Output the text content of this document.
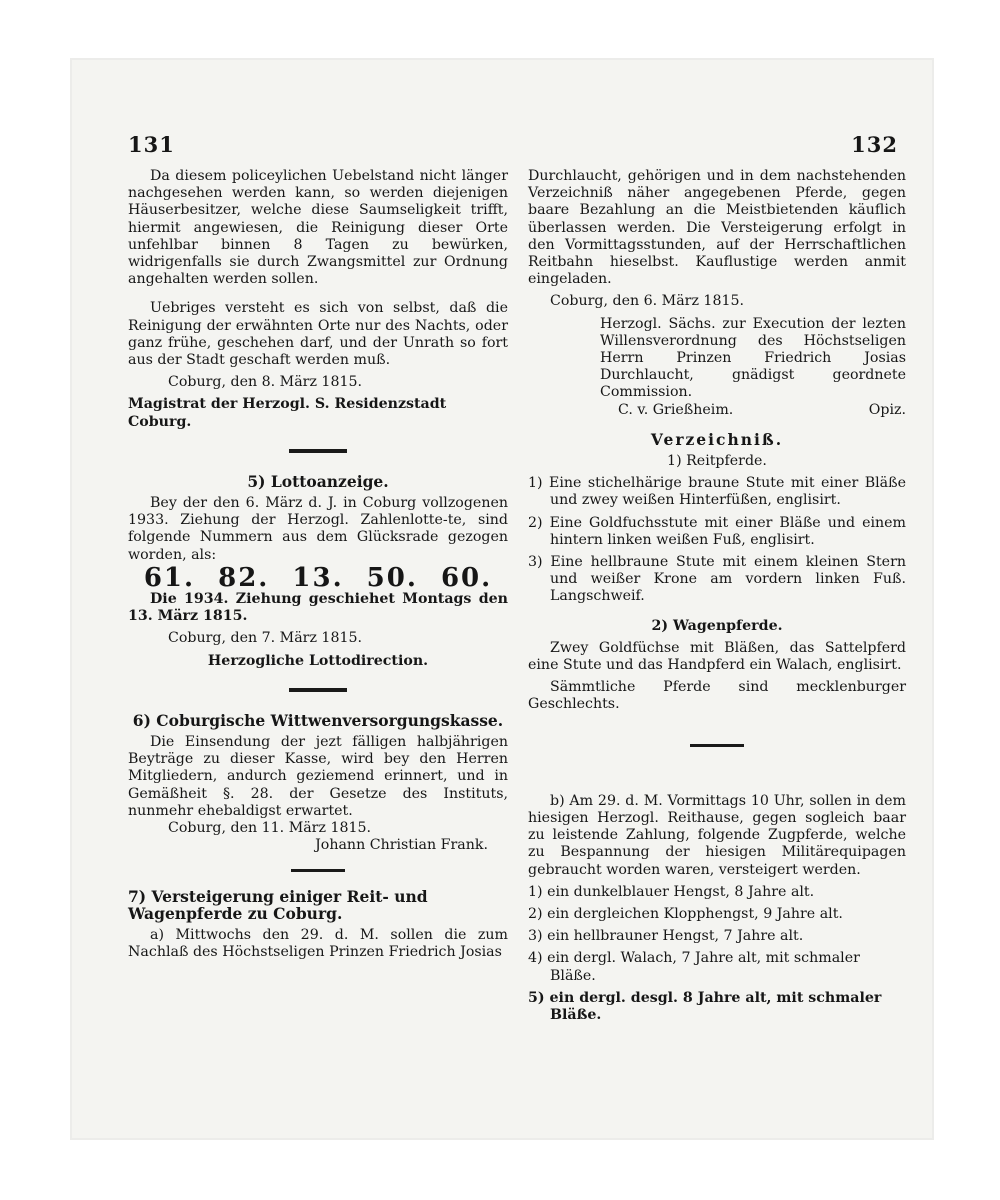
131	132
Da diesem policeylichen Uebelstand nicht länger nachgesehen werden kann, so werden diejenigen Häuserbesitzer, welche diese Saumseligkeit trifft, hiermit angewiesen, die Reinigung dieser Orte unfehlbar binnen 8 Tagen zu bewürken, widrigenfalls sie durch Zwangsmittel zur Ordnung angehalten werden sollen.
Uebriges versteht es sich von selbst, daß die Reinigung der erwähnten Orte nur des Nachts, oder ganz frühe, geschehen darf, und der Unrath so fort aus der Stadt geschaft werden muß.
Coburg, den 8. März 1815.
Magistrat der Herzogl. S. Residenzstadt Coburg.
5) Lottoanzeige.
Bey der den 6. März d. J. in Coburg vollzogenen 1933. Ziehung der Herzogl. Zahlenlotte-te, sind folgende Nummern aus dem Glücksrade gezogen worden, als:
61. 82. 13. 50. 60.
Die 1934. Ziehung geschiehet Montags den 13. März 1815.
Coburg, den 7. März 1815.
Herzogliche Lottodirection.
6) Coburgische Wittwenversorgungskasse.
Die Einsendung der jezt fälligen halbjährigen Beyträge zu dieser Kasse, wird bey den Herren Mitgliedern, andurch geziemend erinnert, und in Gemäßheit §. 28. der Gesetze des Instituts, nunmehr ehebaldigst erwartet.
Coburg, den 11. März 1815.
Johann Christian Frank.
7) Versteigerung einiger Reit- und Wagenpferde zu Coburg.
a) Mittwochs den 29. d. M. sollen die zum Nachlaß des Höchstseligen Prinzen Friedrich Josias
Durchlaucht, gehörigen und in dem nachstehenden Verzeichniß näher angegebenen Pferde, gegen baare Bezahlung an die Meistbietenden käuflich überlassen werden. Die Versteigerung erfolgt in den Vormittagsstunden, auf der Herrschaftlichen Reitbahn hieselbst. Kauflustige werden anmit eingeladen.
Coburg, den 6. März 1815.
Herzogl. Sächs. zur Execution der lezten Willensverordnung des Höchstseligen Herrn Prinzen Friedrich Josias Durchlaucht, gnädigst geordnete Commission.
C. v. Grießheim.	Opiz.
Verzeichniß.
1) Reitpferde.
1) Eine stichelhärige braune Stute mit einer Bläße und zwey weißen Hinterfüßen, englisirt.
2) Eine Goldfuchsstute mit einer Bläße und einem hintern linken weißen Fuß, englisirt.
3) Eine hellbraune Stute mit einem kleinen Stern und weißer Krone am vordern linken Fuß. Langschweif.
2) Wagenpferde.
Zwey Goldfüchse mit Bläßen, das Sattelpferd eine Stute und das Handpferd ein Walach, englisirt.
Sämmtliche Pferde sind mecklenburger Geschlechts.
b) Am 29. d. M. Vormittags 10 Uhr, sollen in dem hiesigen Herzogl. Reithause, gegen sogleich baar zu leistende Zahlung, folgende Zugpferde, welche zu Bespannung der hiesigen Militärequipagen gebraucht worden waren, versteigert werden.
1) ein dunkelblauer Hengst, 8 Jahre alt.
2) ein dergleichen Klopphengst, 9 Jahre alt.
3) ein hellbrauner Hengst, 7 Jahre alt.
4) ein dergl. Walach, 7 Jahre alt, mit schmaler Bläße.
5) ein dergl. desgl. 8 Jahre alt, mit schmaler Bläße.
